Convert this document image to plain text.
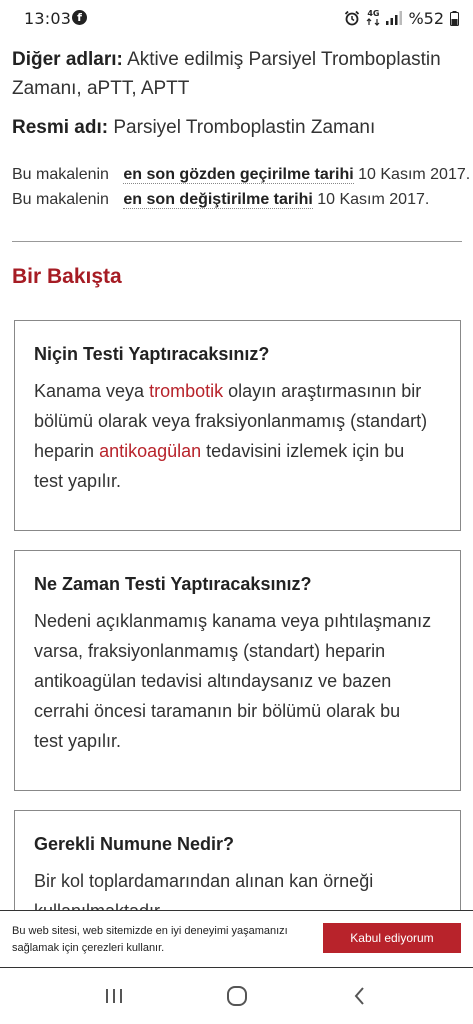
13:03 f	4G %52
Diğer adları: Aktive edilmiş Parsiyel Tromboplastin
Zamanı, aPTT, APTT
Resmi adı: Parsiyel Tromboplastin Zamanı
Bu makalenin en son gözden geçirilme tarihi 10 Kasım 2017.
Bu makalenin en son değiştirilme tarihi 10 Kasım 2017.
Bir Bakışta
Niçin Testi Yaptıracaksınız?
Kanama veya trombotik olayın araştırmasının bir
bölümü olarak veya fraksiyonlanmamış (standart)
heparin antikoagülan tedavisini izlemek için bu
test yapılır.
Ne Zaman Testi Yaptıracaksınız?
Nedeni açıklanmamış kanama veya pıhtılaşmanız
varsa, fraksiyonlanmamış (standart) heparin
antikoagülan tedavisi altındaysanız ve bazen
cerrahi öncesi taramanın bir bölümü olarak bu
test yapılır.
Gerekli Numune Nedir?
Bir kol toplardamarından alınan kan örneği
Bu web sitesi, web sitemizde en iyi deneyimi yaşamanızı
sağlamak için çerezleri kullanır.
Kabul ediyorum
